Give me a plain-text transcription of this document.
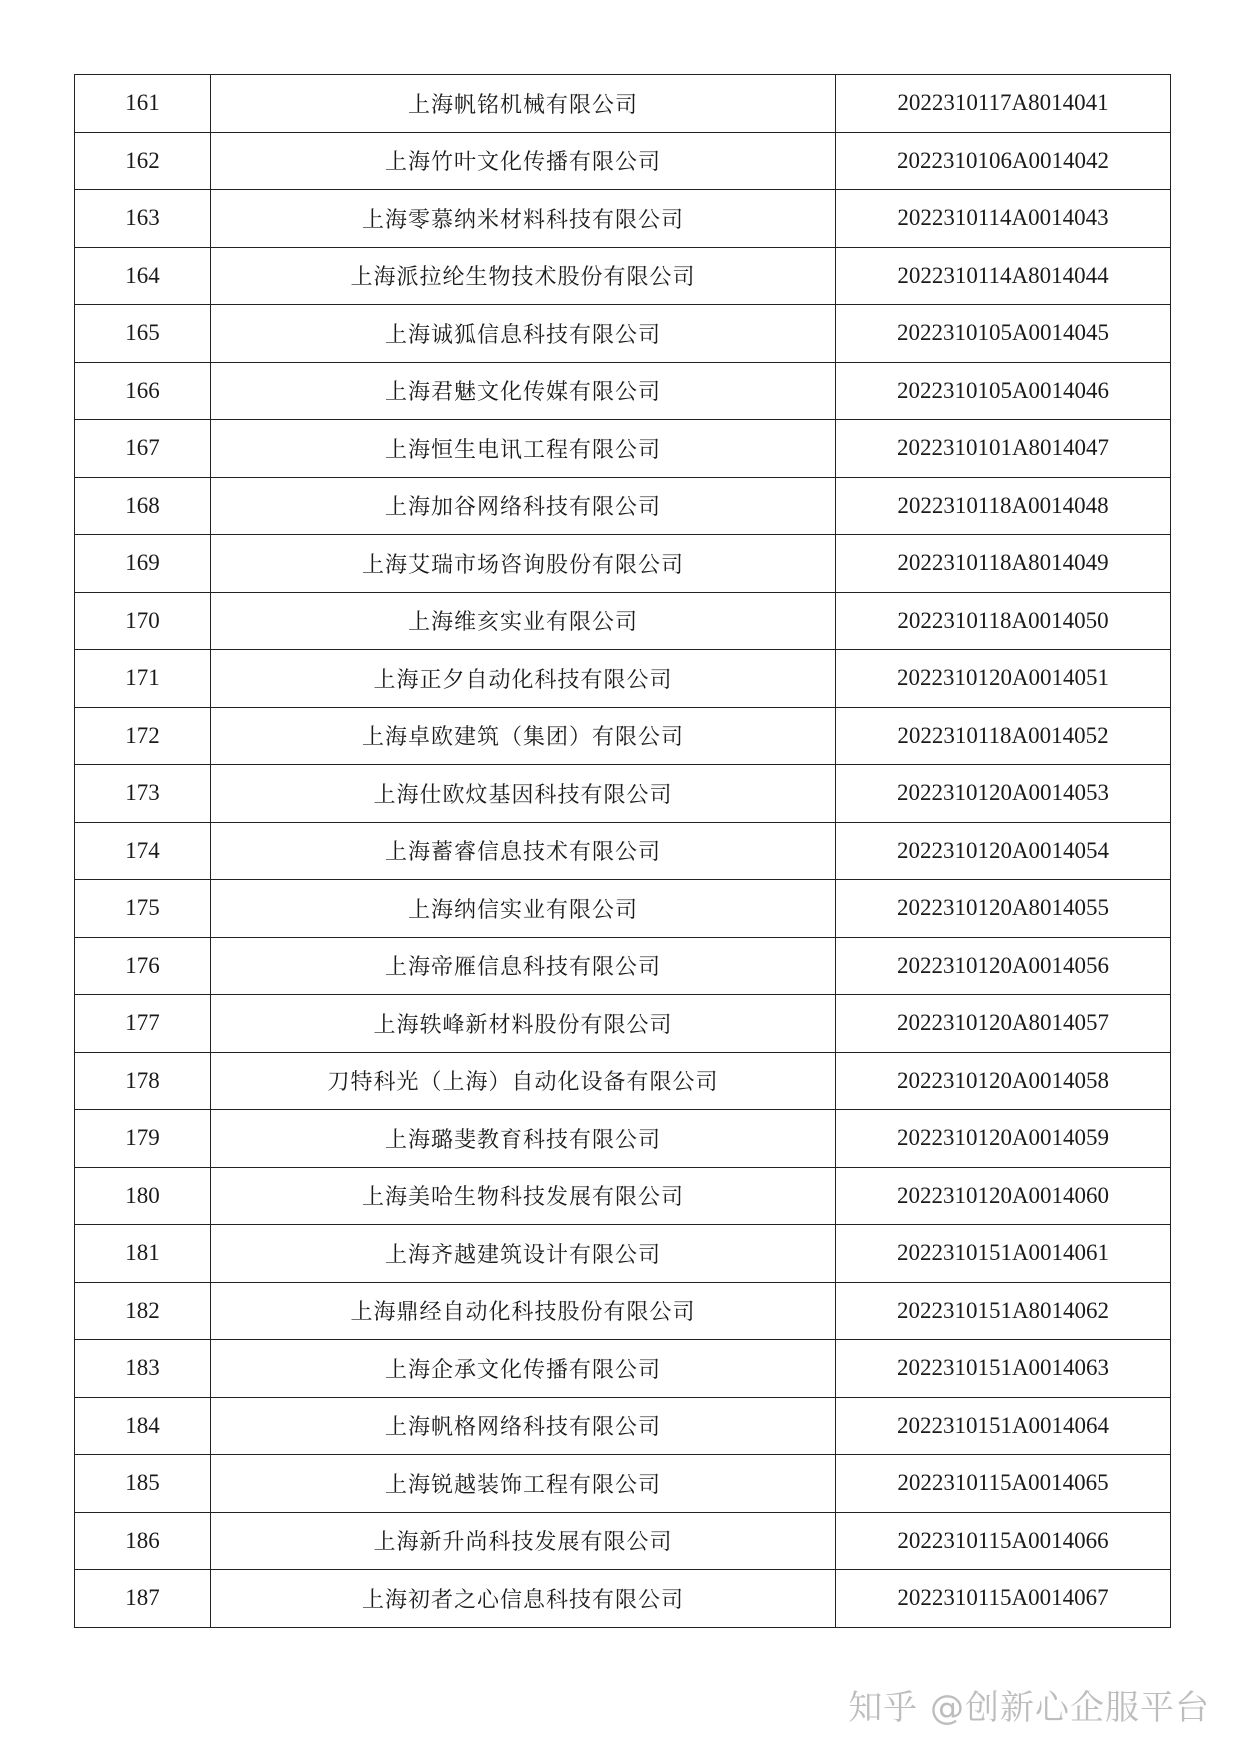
161	上海帆铭机械有限公司	2022310117A8014041
162	上海竹叶文化传播有限公司	2022310106A0014042
163	上海零慕纳米材料科技有限公司	2022310114A0014043
164	上海派拉纶生物技术股份有限公司	2022310114A8014044
165	上海诚狐信息科技有限公司	2022310105A0014045
166	上海君魅文化传媒有限公司	2022310105A0014046
167	上海恒生电讯工程有限公司	2022310101A8014047
168	上海加谷网络科技有限公司	2022310118A0014048
169	上海艾瑞市场咨询股份有限公司	2022310118A8014049
170	上海维亥实业有限公司	2022310118A0014050
171	上海正夕自动化科技有限公司	2022310120A0014051
172	上海卓欧建筑（集团）有限公司	2022310118A0014052
173	上海仕欧炆基因科技有限公司	2022310120A0014053
174	上海蓄睿信息技术有限公司	2022310120A0014054
175	上海纳信实业有限公司	2022310120A8014055
176	上海帝雁信息科技有限公司	2022310120A0014056
177	上海轶峰新材料股份有限公司	2022310120A8014057
178	刀特科光（上海）自动化设备有限公司	2022310120A0014058
179	上海璐斐教育科技有限公司	2022310120A0014059
180	上海美哈生物科技发展有限公司	2022310120A0014060
181	上海齐越建筑设计有限公司	2022310151A0014061
182	上海鼎经自动化科技股份有限公司	2022310151A8014062
183	上海企承文化传播有限公司	2022310151A0014063
184	上海帆格网络科技有限公司	2022310151A0014064
185	上海锐越装饰工程有限公司	2022310115A0014065
186	上海新升尚科技发展有限公司	2022310115A0014066
187	上海初者之心信息科技有限公司	2022310115A0014067
知乎 @创新心企服平台
